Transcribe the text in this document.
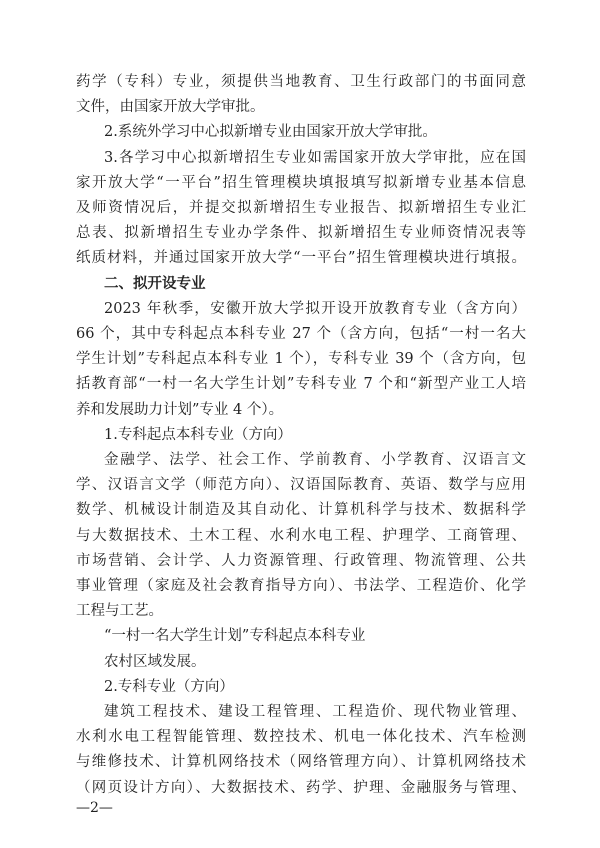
药学（专科）专业，须提供当地教育、卫生行政部门的书面同意
文件，由国家开放大学审批。
2.系统外学习中心拟新增专业由国家开放大学审批。
3.各学习中心拟新增招生专业如需国家开放大学审批，应在国
家开放大学“一平台”招生管理模块填报填写拟新增专业基本信息
及师资情况后，并提交拟新增招生专业报告、拟新增招生专业汇
总表、拟新增招生专业办学条件、拟新增招生专业师资情况表等
纸质材料，并通过国家开放大学“一平台”招生管理模块进行填报。
二、拟开设专业
2023 年秋季，安徽开放大学拟开设开放教育专业（含方向）
66 个，其中专科起点本科专业 27 个（含方向，包括“一村一名大
学生计划”专科起点本科专业 1 个），专科专业 39 个（含方向，包
括教育部“一村一名大学生计划”专科专业 7 个和“新型产业工人培
养和发展助力计划”专业 4 个）。
1.专科起点本科专业（方向）
金融学、法学、社会工作、学前教育、小学教育、汉语言文
学、汉语言文学（师范方向）、汉语国际教育、英语、数学与应用
数学、机械设计制造及其自动化、计算机科学与技术、数据科学
与大数据技术、土木工程、水利水电工程、护理学、工商管理、
市场营销、会计学、人力资源管理、行政管理、物流管理、公共
事业管理（家庭及社会教育指导方向）、书法学、工程造价、化学
工程与工艺。
“一村一名大学生计划”专科起点本科专业
农村区域发展。
2.专科专业（方向）
建筑工程技术、建设工程管理、工程造价、现代物业管理、
—2—
水利水电工程智能管理、数控技术、机电一体化技术、汽车检测
与维修技术、计算机网络技术（网络管理方向）、计算机网络技术
（网页设计方向）、大数据技术、药学、护理、金融服务与管理、
